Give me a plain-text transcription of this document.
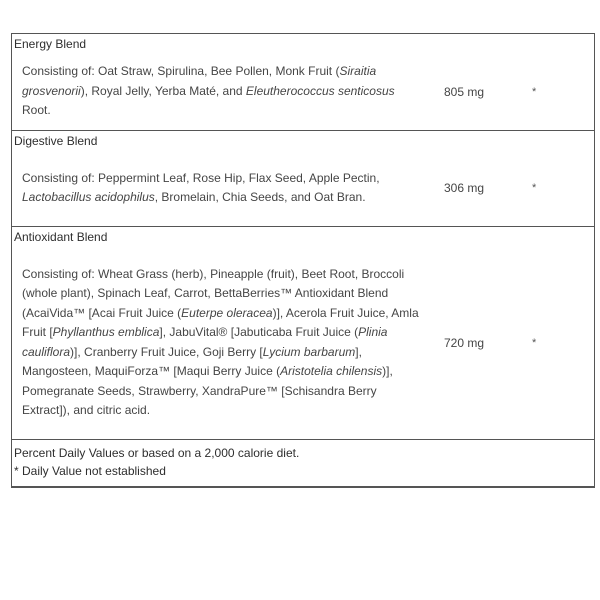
Energy Blend
Consisting of: Oat Straw, Spirulina, Bee Pollen, Monk Fruit (Siraitia grosvenorii), Royal Jelly, Yerba Maté, and Eleutherococcus senticosus Root.
805 mg	*
Digestive Blend
Consisting of: Peppermint Leaf, Rose Hip, Flax Seed, Apple Pectin, Lactobacillus acidophilus, Bromelain, Chia Seeds, and Oat Bran.
306 mg	*
Antioxidant Blend
Consisting of: Wheat Grass (herb), Pineapple (fruit), Beet Root, Broccoli (whole plant), Spinach Leaf, Carrot, BettaBerries™ Antioxidant Blend (AcaiVida™ [Acai Fruit Juice (Euterpe oleracea)], Acerola Fruit Juice, Amla Fruit [Phyllanthus emblica], JabuVital® [Jabuticaba Fruit Juice (Plinia cauliflora)], Cranberry Fruit Juice, Goji Berry [Lycium barbarum], Mangosteen, MaquiForza™ [Maqui Berry Juice (Aristotelia chilensis)], Pomegranate Seeds, Strawberry, XandraPure™ [Schisandra Berry Extract]), and citric acid.
720 mg	*
Percent Daily Values or based on a 2,000 calorie diet.
* Daily Value not established
